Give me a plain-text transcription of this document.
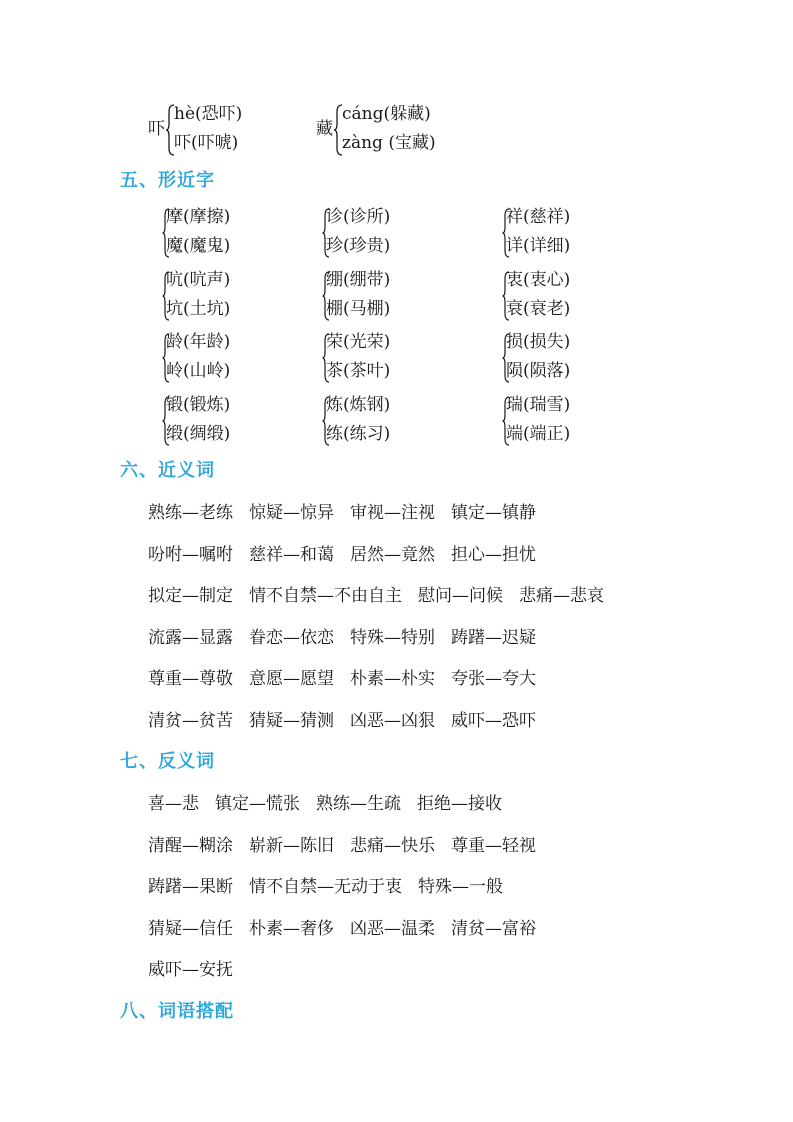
吓
hè(恐吓)
吓(吓唬)
藏
cáng(躲藏)
zàng (宝藏)
五、形近字
摩(摩擦)
魔(魔鬼)
诊(诊所)
珍(珍贵)
祥(慈祥)
详(详细)
吭(吭声)
坑(土坑)
绷(绷带)
棚(马棚)
衷(衷心)
衰(衰老)
龄(年龄)
岭(山岭)
荣(光荣)
茶(茶叶)
损(损失)
陨(陨落)
锻(锻炼)
缎(绸缎)
炼(炼钢)
练(练习)
瑞(瑞雪)
端(端正)
六、近义词
熟练—老练 惊疑—惊异 审视—注视 镇定—镇静
吩咐—嘱咐 慈祥—和蔼 居然—竟然 担心—担忧
拟定—制定 情不自禁—不由自主 慰问—问候 悲痛—悲哀
流露—显露 眷恋—依恋 特殊—特别 踌躇—迟疑
尊重—尊敬 意愿—愿望 朴素—朴实 夸张—夸大
清贫—贫苦 猜疑—猜测 凶恶—凶狠 威吓—恐吓
七、反义词
喜—悲 镇定—慌张 熟练—生疏 拒绝—接收
清醒—糊涂 崭新—陈旧 悲痛—快乐 尊重—轻视
踌躇—果断 情不自禁—无动于衷 特殊—一般
猜疑—信任 朴素—奢侈 凶恶—温柔 清贫—富裕
威吓—安抚
八、词语搭配
